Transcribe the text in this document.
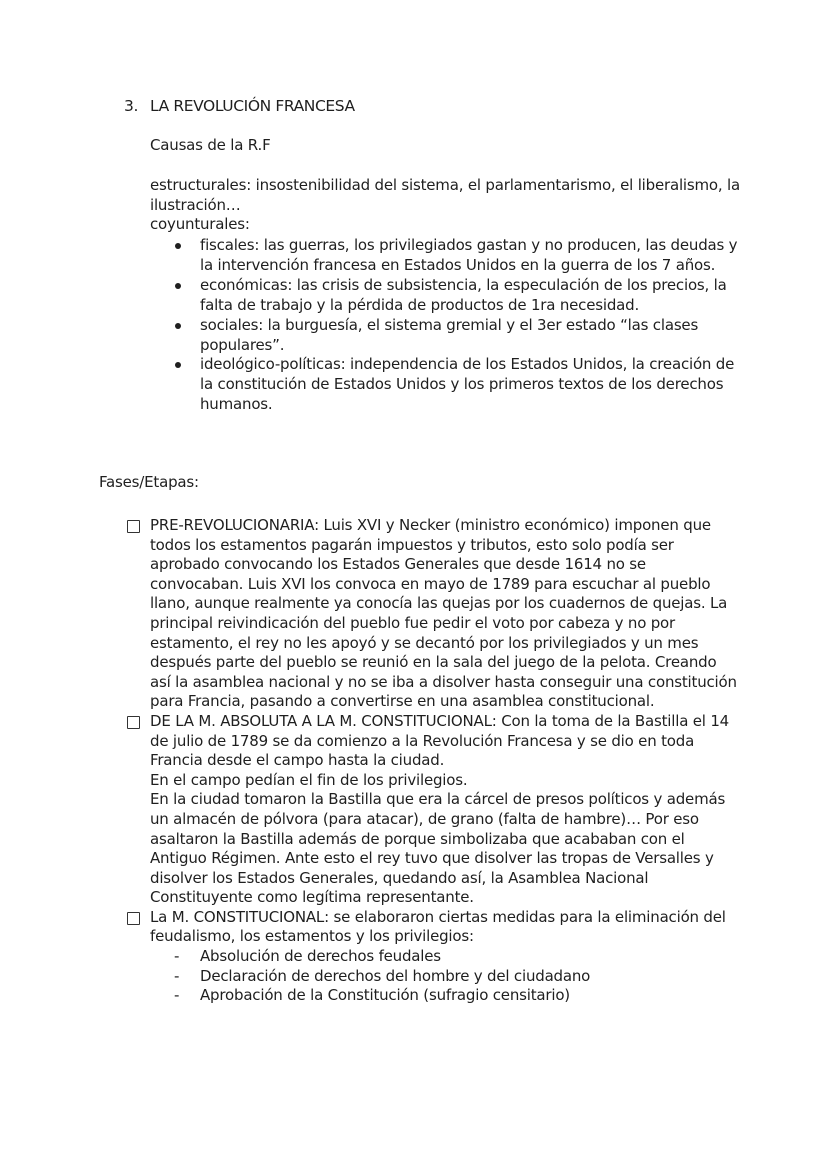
3. LA REVOLUCIÓN FRANCESA
Causas de la R.F
estructurales: insostenibilidad del sistema, el parlamentarismo, el liberalismo, la ilustración…
coyunturales:
fiscales: las guerras, los privilegiados gastan y no producen, las deudas y la intervención francesa en Estados Unidos en la guerra de los 7 años.
económicas: las crisis de subsistencia, la especulación de los precios, la falta de trabajo y la pérdida de productos de 1ra necesidad.
sociales: la burguesía, el sistema gremial y el 3er estado “las clases populares”.
ideológico-políticas: independencia de los Estados Unidos, la creación de la constitución de Estados Unidos y los primeros textos de los derechos humanos.
Fases/Etapas:
PRE-REVOLUCIONARIA: Luis XVI y Necker (ministro económico) imponen que todos los estamentos pagarán impuestos y tributos, esto solo podía ser aprobado convocando los Estados Generales que desde 1614 no se convocaban. Luis XVI los convoca en mayo de 1789 para escuchar al pueblo llano, aunque realmente ya conocía las quejas por los cuadernos de quejas. La principal reivindicación del pueblo fue pedir el voto por cabeza y no por estamento, el rey no les apoyó y se decantó por los privilegiados y un mes después parte del pueblo se reunió en la sala del juego de la pelota. Creando así la asamblea nacional y no se iba a disolver hasta conseguir una constitución para Francia, pasando a convertirse en una asamblea constitucional.
DE LA M. ABSOLUTA A LA M. CONSTITUCIONAL: Con la toma de la Bastilla el 14 de julio de 1789 se da comienzo a la Revolución Francesa y se dio en toda Francia desde el campo hasta la ciudad.
En el campo pedían el fin de los privilegios.
En la ciudad tomaron la Bastilla que era la cárcel de presos políticos y además un almacén de pólvora (para atacar), de grano (falta de hambre)… Por eso asaltaron la Bastilla además de porque simbolizaba que acababan con el Antiguo Régimen. Ante esto el rey tuvo que disolver las tropas de Versalles y disolver los Estados Generales, quedando así, la Asamblea Nacional Constituyente como legítima representante.
La M. CONSTITUCIONAL: se elaboraron ciertas medidas para la eliminación del feudalismo, los estamentos y los privilegios:
- Absolución de derechos feudales
- Declaración de derechos del hombre y del ciudadano
- Aprobación de la Constitución (sufragio censitario)
